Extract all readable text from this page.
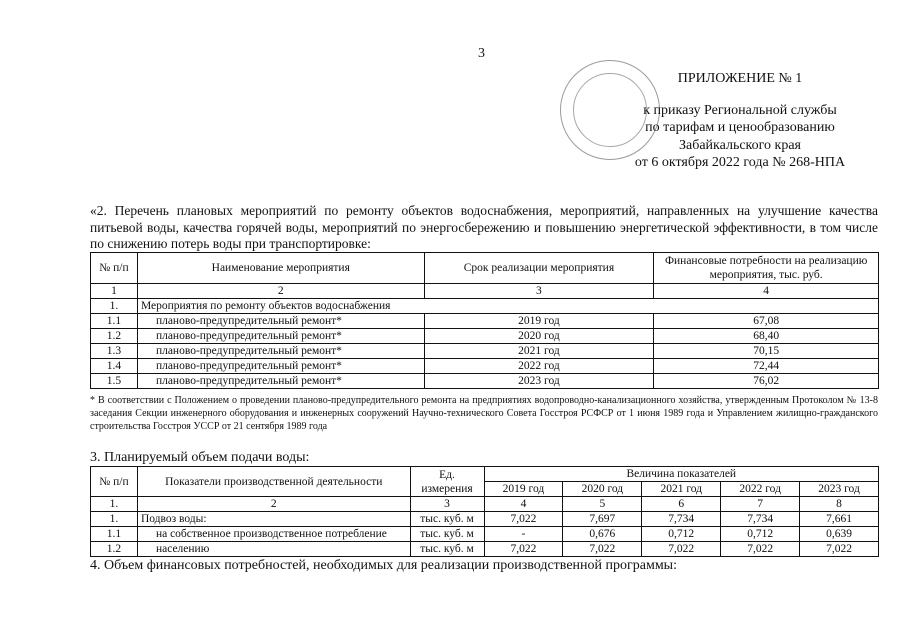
3
ПРИЛОЖЕНИЕ № 1
к приказу Региональной службы
по тарифам и ценообразованию
Забайкальского края
от 6 октября 2022 года № 268-НПА
«2. Перечень плановых мероприятий по ремонту объектов водоснабжения, мероприятий, направленных на улучшение качества питьевой воды, качества горячей воды, мероприятий по энергосбережению и повышению энергетической эффективности, в том числе по снижению потерь воды при транспортировке:
№ п/п	Наименование мероприятия	Срок реализации мероприятия	Финансовые потребности на реализацию мероприятия, тыс. руб.
1	2	3	4
1.	Мероприятия по ремонту объектов водоснабжения		
1.1	планово-предупредительный ремонт*	2019 год	67,08
1.2	планово-предупредительный ремонт*	2020 год	68,40
1.3	планово-предупредительный ремонт*	2021 год	70,15
1.4	планово-предупредительный ремонт*	2022 год	72,44
1.5	планово-предупредительный ремонт*	2023 год	76,02
* В соответствии с Положением о проведении планово-предупредительного ремонта на предприятиях водопроводно-канализационного хозяйства, утвержденным Протоколом № 13-8 заседания Секции инженерного оборудования и инженерных сооружений Научно-технического Совета Госстроя РСФСР от 1 июня 1989 года и Управлением жилищно-гражданского строительства Госстроя УССР от 21 сентября 1989 года
3. Планируемый объем подачи воды:
№ п/п	Показатели производственной деятельности	Ед. измерения	Величина показателей				
			2019 год	2020 год	2021 год	2022 год	2023 год
1.	2	3	4	5	6	7	8
1.	Подвоз воды:	тыс. куб. м	7,022	7,697	7,734	7,734	7,661
1.1	на собственное производственное потребление	тыс. куб. м	-	0,676	0,712	0,712	0,639
1.2	населению	тыс. куб. м	7,022	7,022	7,022	7,022	7,022
4. Объем финансовых потребностей, необходимых для реализации производственной программы:
